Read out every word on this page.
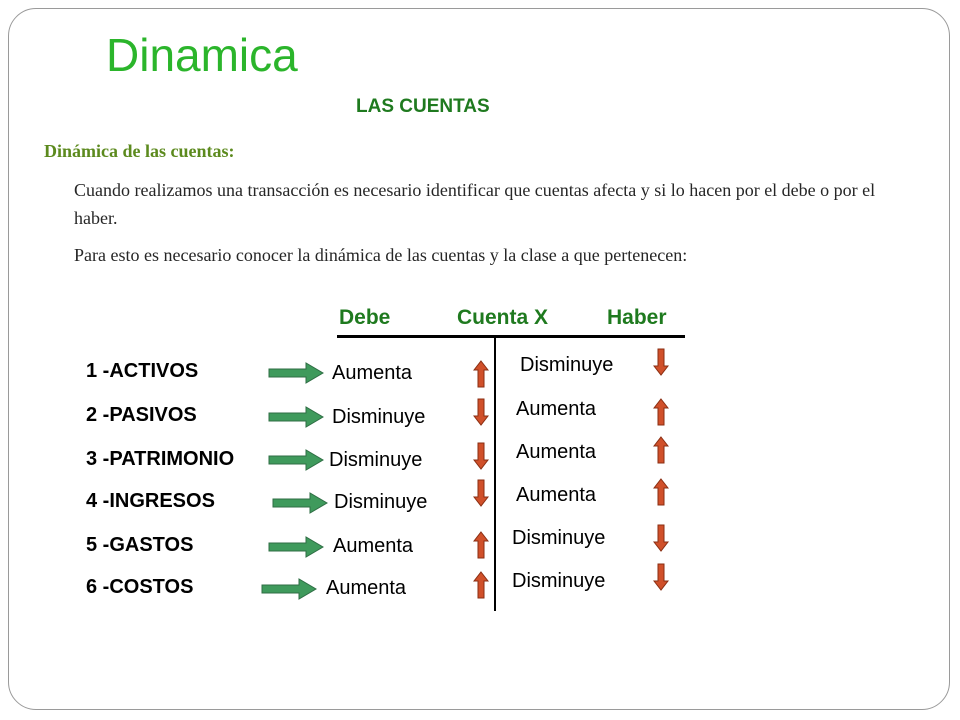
Dinamica
LAS CUENTAS
Dinámica de las cuentas:
Cuando realizamos una transacción es necesario identificar que cuentas afecta y si lo hacen por el debe o por el haber.
Para esto es necesario conocer la dinámica de las cuentas y la clase a que pertenecen:
Debe	Cuenta X	Haber
1 -ACTIVOS	Aumenta	Disminuye
2 -PASIVOS	Disminuye	Aumenta
3 -PATRIMONIO	Disminuye	Aumenta
4 -INGRESOS	Disminuye	Aumenta
5 -GASTOS	Aumenta	Disminuye
6 -COSTOS	Aumenta	Disminuye
